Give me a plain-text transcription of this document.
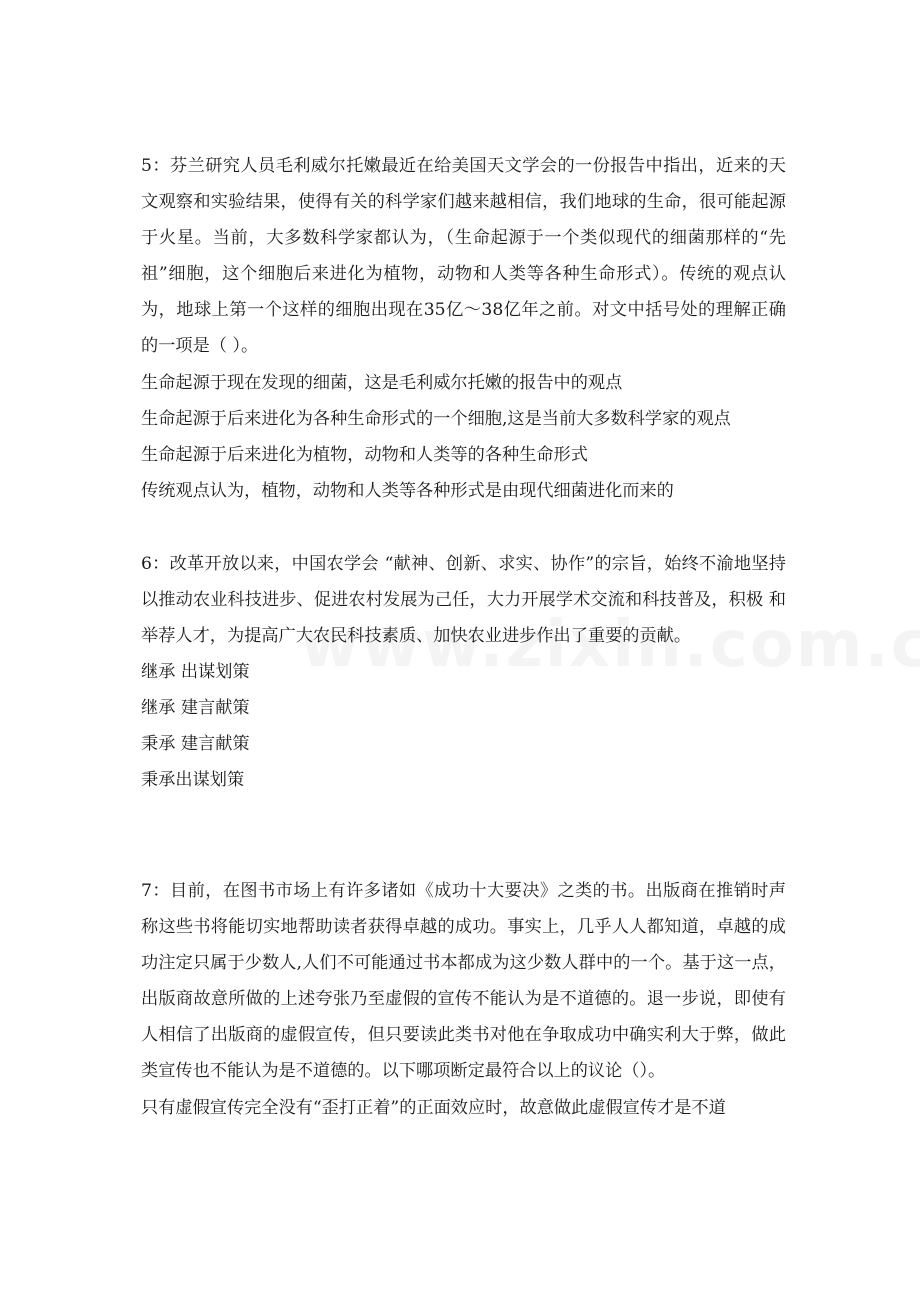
5：芬兰研究人员毛利威尔托嫩最近在给美国天文学会的一份报告中指出，近来的天文观察和实验结果，使得有关的科学家们越来越相信，我们地球的生命，很可能起源于火星。当前，大多数科学家都认为，（生命起源于一个类似现代的细菌那样的“先祖”细胞，这个细胞后来进化为植物，动物和人类等各种生命形式）。传统的观点认为，地球上第一个这样的细胞出现在35亿～38亿年之前。对文中括号处的理解正确的一项是（ ）。

生命起源于现在发现的细菌，这是毛利威尔托嫩的报告中的观点

生命起源于后来进化为各种生命形式的一个细胞,这是当前大多数科学家的观点

生命起源于后来进化为植物，动物和人类等的各种生命形式

传统观点认为，植物，动物和人类等各种形式是由现代细菌进化而来的

6：改革开放以来，中国农学会 “献神、创新、求实、协作”的宗旨，始终不渝地坚持以推动农业科技进步、促进农村发展为己任，大力开展学术交流和科技普及，积极 和举荐人才，为提高广大农民科技素质、加快农业进步作出了重要的贡献。

继承 出谋划策

继承 建言献策

秉承 建言献策

秉承出谋划策

7：目前，在图书市场上有许多诸如《成功十大要决》之类的书。出版商在推销时声称这些书将能切实地帮助读者获得卓越的成功。事实上，几乎人人都知道，卓越的成功注定只属于少数人,人们不可能通过书本都成为这少数人群中的一个。基于这一点，出版商故意所做的上述夸张乃至虚假的宣传不能认为是不道德的。退一步说，即使有人相信了出版商的虚假宣传，但只要读此类书对他在争取成功中确实利大于弊，做此类宣传也不能认为是不道德的。以下哪项断定最符合以上的议论（）。

只有虚假宣传完全没有“歪打正着”的正面效应时，故意做此虚假宣传才是不道
